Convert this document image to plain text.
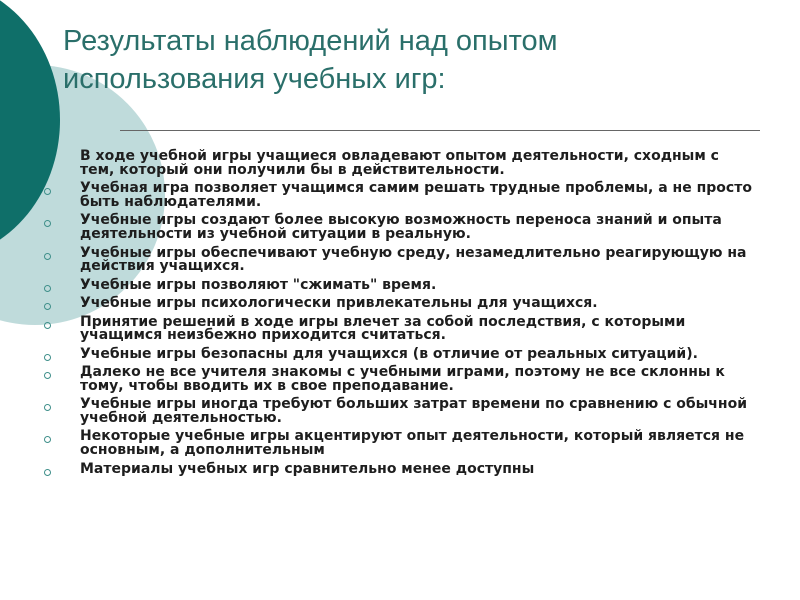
Результаты наблюдений над опытом
использования учебных игр:
В ходе учебной игры учащиеся овладевают опытом деятельности, сходным с тем, который они получили бы в действительности.
Учебная игра позволяет учащимся самим решать трудные проблемы, а не просто быть наблюдателями.
Учебные игры создают более высокую возможность переноса знаний и опыта деятельности из учебной ситуации в реальную.
Учебные игры обеспечивают учебную среду, незамедлительно реагирующую на действия учащихся.
Учебные игры позволяют "сжимать" время.
Учебные игры психологически привлекательны для учащихся.
Принятие решений в ходе игры влечет за собой последствия, с которыми учащимся неизбежно приходится считаться.
Учебные игры безопасны для учащихся (в отличие от реальных ситуаций).
Далеко не все учителя знакомы с учебными играми, поэтому не все склонны к тому, чтобы вводить их в свое преподавание.
Учебные игры иногда требуют больших затрат времени по сравнению с обычной учебной деятельностью.
Некоторые учебные игры акцентируют опыт деятельности, который является не основным, а дополнительным
Материалы учебных игр сравнительно менее доступны
